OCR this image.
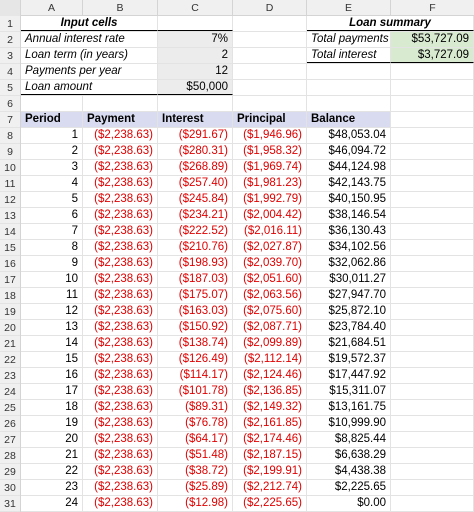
A	B	C	D	E	F
1
2
3
4
5
6
7
8
9
10
11
12
13
14
15
16
17
18
19
20
21
22
23
24
25
26
27
28
29
30
31
Input cells	Loan summary
Annual interest rate	7%	Total payments	$53,727.09
Loan term (in years)	2	Total interest	$3,727.09
Payments per year	12
Loan amount	$50,000
Period	Payment	Interest	Principal	Balance
1	($2,238.63)	($291.67)	($1,946.96)	$48,053.04
2	($2,238.63)	($280.31)	($1,958.32)	$46,094.72
3	($2,238.63)	($268.89)	($1,969.74)	$44,124.98
4	($2,238.63)	($257.40)	($1,981.23)	$42,143.75
5	($2,238.63)	($245.84)	($1,992.79)	$40,150.95
6	($2,238.63)	($234.21)	($2,004.42)	$38,146.54
7	($2,238.63)	($222.52)	($2,016.11)	$36,130.43
8	($2,238.63)	($210.76)	($2,027.87)	$34,102.56
9	($2,238.63)	($198.93)	($2,039.70)	$32,062.86
10	($2,238.63)	($187.03)	($2,051.60)	$30,011.27
11	($2,238.63)	($175.07)	($2,063.56)	$27,947.70
12	($2,238.63)	($163.03)	($2,075.60)	$25,872.10
13	($2,238.63)	($150.92)	($2,087.71)	$23,784.40
14	($2,238.63)	($138.74)	($2,099.89)	$21,684.51
15	($2,238.63)	($126.49)	($2,112.14)	$19,572.37
16	($2,238.63)	($114.17)	($2,124.46)	$17,447.92
17	($2,238.63)	($101.78)	($2,136.85)	$15,311.07
18	($2,238.63)	($89.31)	($2,149.32)	$13,161.75
19	($2,238.63)	($76.78)	($2,161.85)	$10,999.90
20	($2,238.63)	($64.17)	($2,174.46)	$8,825.44
21	($2,238.63)	($51.48)	($2,187.15)	$6,638.29
22	($2,238.63)	($38.72)	($2,199.91)	$4,438.38
23	($2,238.63)	($25.89)	($2,212.74)	$2,225.65
24	($2,238.63)	($12.98)	($2,225.65)	$0.00
